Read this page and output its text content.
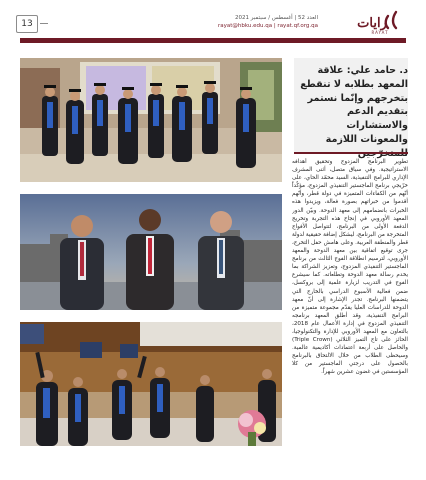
13
العدد 52 | أغسطس / سبتمبر 2021
rayat@hbku.edu.qa | rayat.qf.org.qa	رايات
RAYAT
د. حامد علي: علاقة المعهد بطلابه لا تنقطع بتخرجهم وإنّما نستمر بتقديم الدعم والاستشارات والمعونات اللازمة

تطوير البرنامج المزدوج وتحقيق أهدافه الاستراتيجية. وفي سياق متصل، أثنى المشرف الإداري للبرامج التنفيذية، السيد محمّد الحاي، على خرّيجي برنامج الماجستير التنفيذي المزدوج، مؤكّداً أنّهم من الكفاءات المتميزة في دولة قطر، وأنّهم أقدموا من خبراتهم بصورة فعالة، ويزيدوا هذه الخبرات بانضمامهم إلى معهد الدوحة. وبيّن الدور المعهد الأوروبي في إنجاح هذه التجربة وتخريج الدفعة الأولى من البرنامج، لتتواصل الأفواج المتخرجة من البرنامج، ليشكل إضافة حقيقية لدولة قطر والمنطقة العربية. وعلى هامش حفل التخرج، جرى توقيع اتفاقية بين معهد الدوحة والمعهد الأوروبي، لترسيم انطلاقة الفوج الثالث من برنامج الماجستير التنفيذي المزدوج، وتعزيز الشراكة بما يخدم رسالة معهد الدوحة وتطلعاته. كما سيشرع الفوج في التدريب لزيارة علمية إلى بروكسل، ضمن فعالية الأسبوع الدراسي بالخارج التي يتضمنها البرنامج. تجدر الإشارة إلى أنّ معهد الدوحة للدراسات العليا يقدّم مجموعة متميزة من البرامج التنفيذية، وقد أطلق المعهد برنامجه التنفيذي المزدوج في إدارة الأعمال عام 2018، بالتعاون مع المعهد الأوروبي للإدارة والتكنولوجيا، الحائز على تاج التميز الثلاثي (Triple Crown) والحاصل على أربعة اعتمادات أكاديمية عالمية. وسيحظى الطلاب من خلال الالتحاق بالبرنامج بالحصول على درجتي الماجستير من كلا المؤسستين في غضون عشرين شهراً.
